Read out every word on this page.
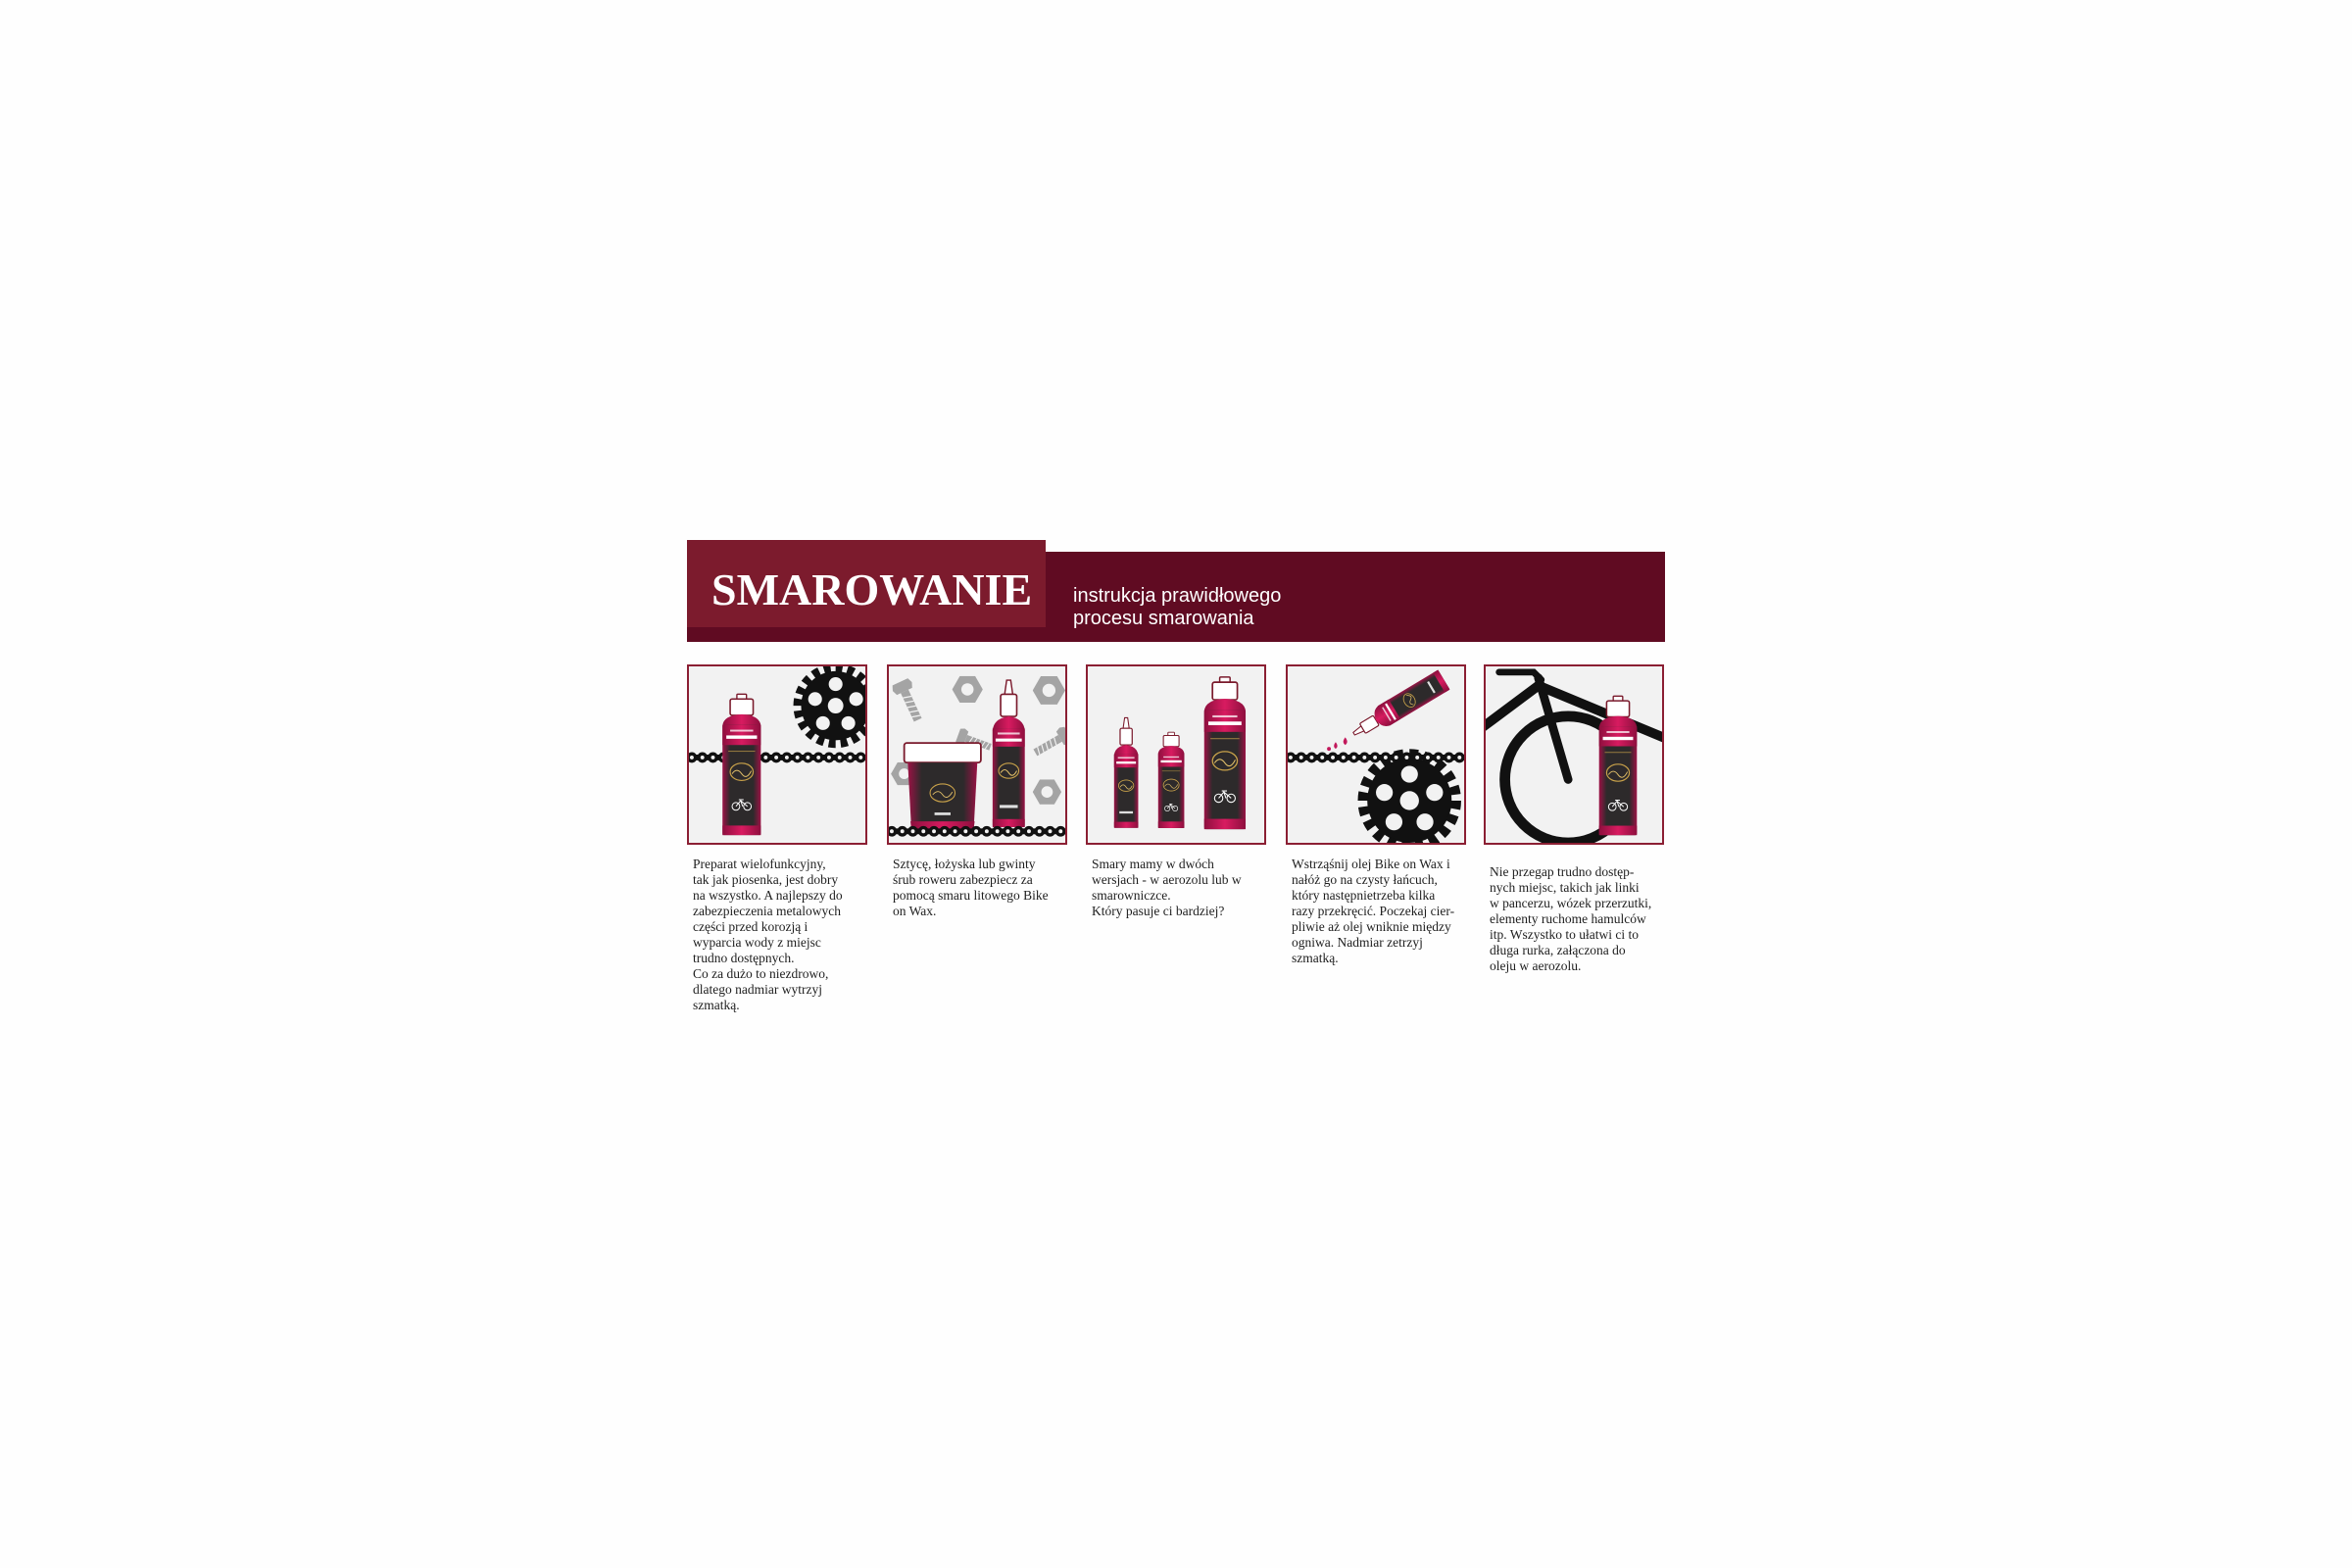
SMAROWANIE instrukcja prawidłowego
procesu smarowania

Preparat wielofunkcyjny,
tak jak piosenka, jest dobry
na wszystko. A najlepszy do
zabezpieczenia metalowych
części przed korozją i
wyparcia wody z miejsc
trudno dostępnych.
Co za dużo to niezdrowo,
dlatego nadmiar wytrzyj
szmatką.

Sztycę, łożyska lub gwinty
śrub roweru zabezpiecz za
pomocą smaru litowego Bike
on Wax.

Smary mamy w dwóch
wersjach - w aerozolu lub w
smarowniczce.
Który pasuje ci bardziej?

Wstrząśnij olej Bike on Wax i
nałóż go na czysty łańcuch,
który następnietrzeba kilka
razy przekręcić. Poczekaj cier-
pliwie aż olej wniknie między
ogniwa. Nadmiar zetrzyj
szmatką.

Nie przegap trudno dostęp-
nych miejsc, takich jak linki
w pancerzu, wózek przerzutki,
elementy ruchome hamulców
itp. Wszystko to ułatwi ci to
długa rurka, załączona do
oleju w aerozolu.
